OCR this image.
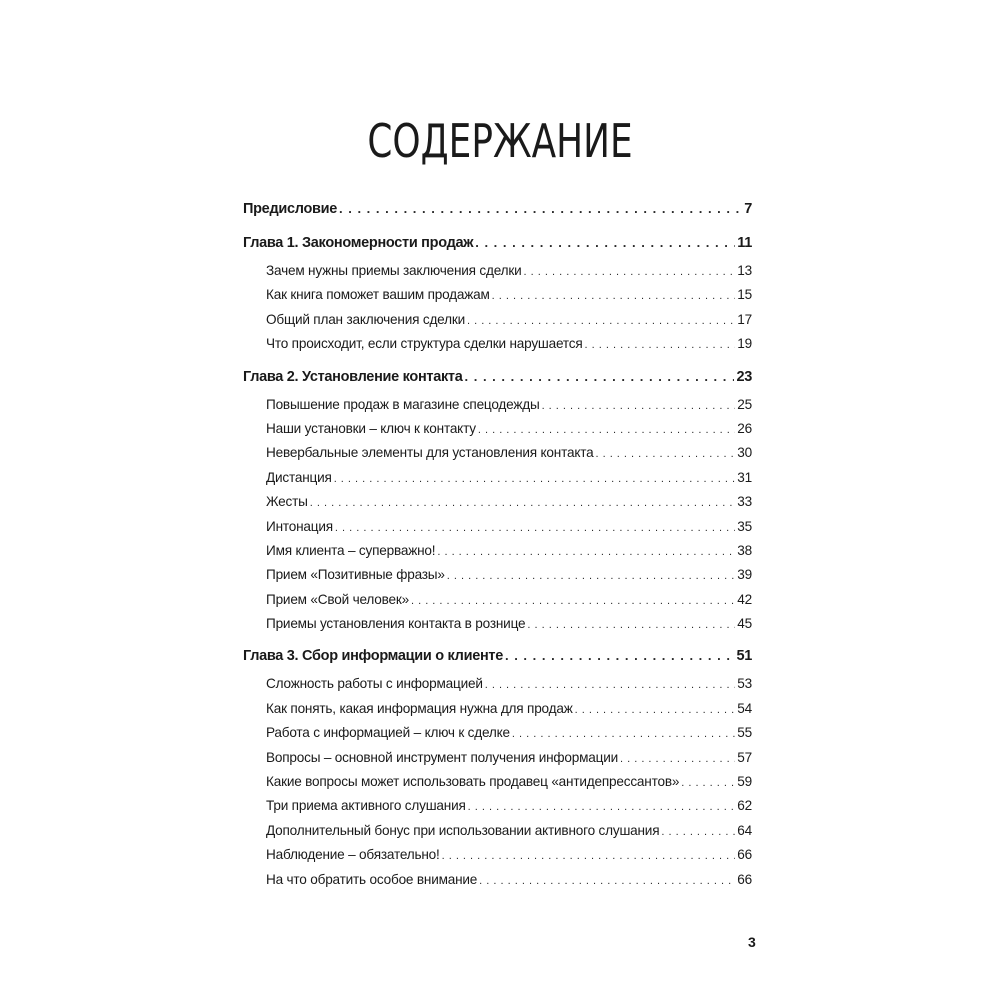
СОДЕРЖАНИЕ
Предисловие . . .	7
Глава 1. Закономерности продаж . . .	11
Зачем нужны приемы заключения сделки . . .	13
Как книга поможет вашим продажам . . .	15
Общий план заключения сделки . . .	17
Что происходит, если структура сделки нарушается . . .	19
Глава 2. Установление контакта . . .	23
Повышение продаж в магазине спецодежды . . .	25
Наши установки – ключ к контакту . . .	26
Невербальные элементы для установления контакта . . .	30
Дистанция . . .	31
Жесты . . .	33
Интонация . . .	35
Имя клиента – суперважно! . . .	38
Прием «Позитивные фразы» . . .	39
Прием «Свой человек» . . .	42
Приемы установления контакта в рознице . . .	45
Глава 3. Сбор информации о клиенте . . .	51
Сложность работы с информацией . . .	53
Как понять, какая информация нужна для продаж . . .	54
Работа с информацией – ключ к сделке . . .	55
Вопросы – основной инструмент получения информации . . .	57
Какие вопросы может использовать продавец «антидепрессантов» . . .	59
Три приема активного слушания . . .	62
Дополнительный бонус при использовании активного слушания . . .	64
Наблюдение – обязательно! . . .	66
На что обратить особое внимание . . .	66
3
